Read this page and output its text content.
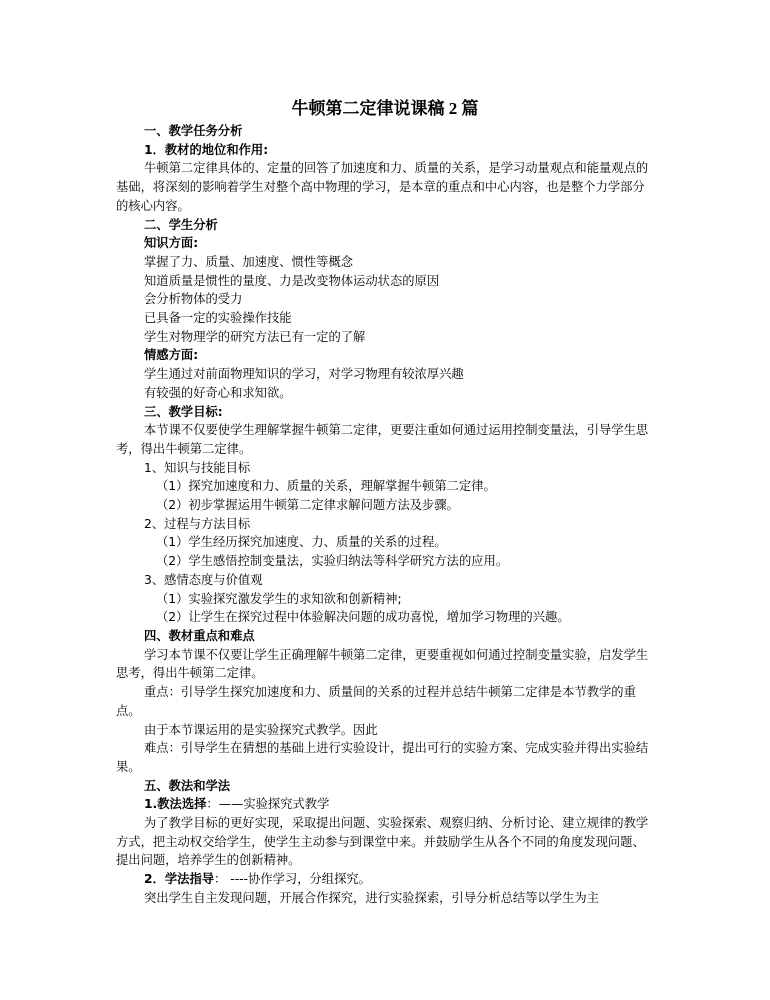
牛顿第二定律说课稿 2 篇
一、教学任务分析
1．教材的地位和作用:
牛顿第二定律具体的、定量的回答了加速度和力、质量的关系，是学习动量观点和能量观点的基础，将深刻的影响着学生对整个高中物理的学习，是本章的重点和中心内容，也是整个力学部分的核心内容。
二、学生分析
知识方面:
掌握了力、质量、加速度、惯性等概念
知道质量是惯性的量度、力是改变物体运动状态的原因
会分析物体的受力
已具备一定的实验操作技能
学生对物理学的研究方法已有一定的了解
情感方面:
学生通过对前面物理知识的学习，对学习物理有较浓厚兴趣
有较强的好奇心和求知欲。
三、教学目标:
本节课不仅要使学生理解掌握牛顿第二定律，更要注重如何通过运用控制变量法，引导学生思考，得出牛顿第二定律。
1、知识与技能目标
（1）探究加速度和力、质量的关系，理解掌握牛顿第二定律。
（2）初步掌握运用牛顿第二定律求解问题方法及步骤。
2、过程与方法目标
（1）学生经历探究加速度、力、质量的关系的过程。
（2）学生感悟控制变量法，实验归纳法等科学研究方法的应用。
3、感情态度与价值观
（1）实验探究激发学生的求知欲和创新精神;
（2）让学生在探究过程中体验解决问题的成功喜悦，增加学习物理的兴趣。
四、教材重点和难点
学习本节课不仅要让学生正确理解牛顿第二定律，更要重视如何通过控制变量实验，启发学生思考，得出牛顿第二定律。
重点：引导学生探究加速度和力、质量间的关系的过程并总结牛顿第二定律是本节教学的重点。
由于本节课运用的是实验探究式教学。因此
难点：引导学生在猜想的基础上进行实验设计，提出可行的实验方案、完成实验并得出实验结果。
五、教法和学法
1.教法选择：——实验探究式教学
为了教学目标的更好实现，采取提出问题、实验探索、观察归纳、分析讨论、建立规律的教学方式，把主动权交给学生，使学生主动参与到课堂中来。并鼓励学生从各个不同的角度发现问题、提出问题，培养学生的创新精神。
2．学法指导： ----协作学习，分组探究。
突出学生自主发现问题，开展合作探究，进行实验探索，引导分析总结等以学生为主
